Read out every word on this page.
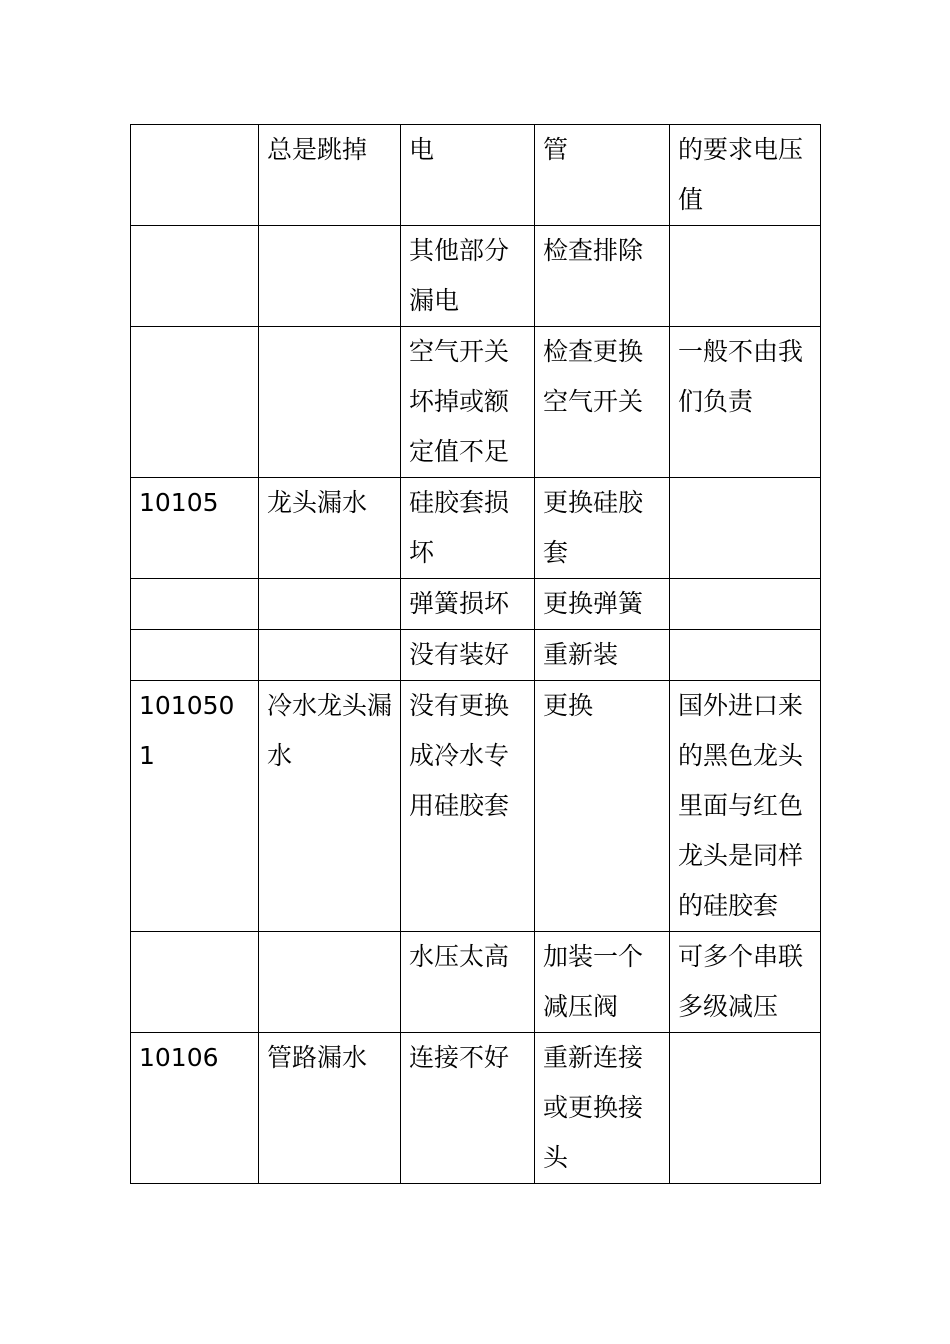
	总是跳掉	电	管	的要求电压值
		其他部分漏电	检查排除	
		空气开关坏掉或额定值不足	检查更换空气开关	一般不由我们负责
10105	龙头漏水	硅胶套损坏	更换硅胶套	
		弹簧损坏	更换弹簧	
		没有装好	重新装	
1010501	冷水龙头漏水	没有更换成冷水专用硅胶套	更换	国外进口来的黑色龙头里面与红色龙头是同样的硅胶套
		水压太高	加装一个减压阀	可多个串联多级减压
10106	管路漏水	连接不好	重新连接或更换接头	
